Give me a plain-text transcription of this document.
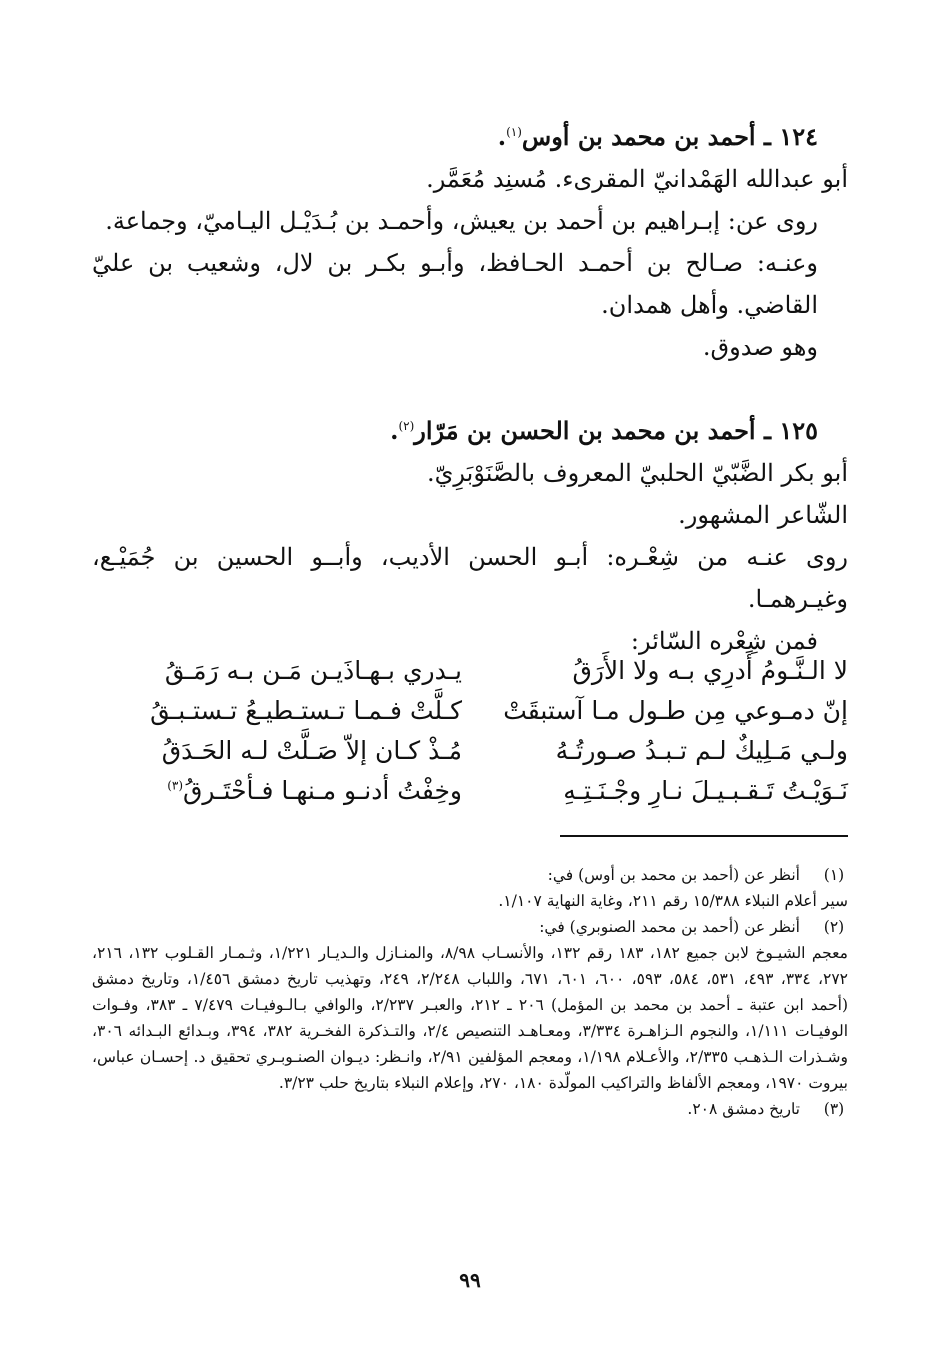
١٢٤ ـ أحمد بن محمد بن أوس$^{(١)}$.
أبو عبدالله الهَمْدانيّ المقرىء. مُسنِد مُعَمَّر.
روى عن: إبـراهيم بن أحمد بن يعيش، وأحمـد بن بُـدَيْـل اليـاميّ، وجماعة.
وعنـه: صـالح بن أحمـد الحـافظ، وأبـو بكـر بن لال، وشعيب بن عليّ القاضي. وأهل همدان.
وهو صدوق.
١٢٥ ـ أحمد بن محمد بن الحسن بن مَرّار$^{(٢)}$.
أبو بكر الضَّبّيّ الحلبيّ المعروف بالصَّنَوْبَرِيّ.
الشّاعر المشهور.
روى عنـه من شِعْـره: أبـو الحسن الأديب، وأبــو الحسين بن جُمَيْـع، وغيـرهمـا.
فمن شِعْره السّائر:
لا الـنَّـومُ أَدرِي بـه ولا الأَرَقُ
يـدري بـهـاذَيـن مَـن بـه رَمَـقُ
إنّ دمـوعي مِن طـول مـا آستبقَتْ
كـلَّتْ فـمـا تـستـطيـعُ تـستـبـقُ
ولـي مَـلِيكٌ لـم تـبـدُ صـورتُـهُ
مُـذْ كـان إلاّ صَـلَّتْ لـه الحَـدَقُ
نَـوَيْـتُ تَـقـبـيـلَ نـارِ وجْـنَـتِـهِ
وخِفْتُ أدنـو مـنهـا فـأحْتَـرقُ$^{(٣)}$
(١)
أنظر عن (أحمد بن محمد بن أوس) في:
سير أعلام النبلاء ١٥/٣٨٨ رقم ٢١١، وغاية النهاية ١/١٠٧.
(٢)
أنظر عن (أحمد بن محمد الصنوبري) في:
معجم الشيـوخ لابن جميع ١٨٢، ١٨٣ رقم ١٣٢، والأنسـاب ٨/٩٨، والمنـازل والـديـار ١/٢٢١، وثـمـار القـلوب ١٣٢، ٢١٦، ٢٧٢، ٣٣٤، ٤٩٣، ٥٣١، ٥٨٤، ٥٩٣، ٦٠٠، ٦٠١، ٦٧١، واللباب ٢/٢٤٨، ٢٤٩، وتهذيب تاريخ دمشق ١/٤٥٦، وتاريخ دمشق (أحمد ابن عتبة ـ أحمد بن محمد بن المؤمل) ٢٠٦ ـ ٢١٢، والعبـر ٢/٢٣٧، والوافي بـالـوفيـات ٧/٤٧٩ ـ ٣٨٣، وفـوات الوفيـات ١/١١١، والنجوم الـزاهـرة ٣/٣٣٤، ومعـاهـد التنصيص ٢/٤، والتـذكرة الفخـرية ٣٨٢، ٣٩٤، وبـدائع البـدائه ٣٠٦، وشـذرات الـذهـب ٢/٣٣٥، والأعـلام ١/١٩٨، ومعجم المؤلفين ٢/٩١، وانـظر: ديـوان الصنـوبـري تحقيق د. إحسـان عباس، بيروت ١٩٧٠، ومعجم الألفاظ والتراكيب المولّدة ١٨٠، ٢٧٠، وإعلام النبلاء بتاريخ حلب ٣/٢٣.
(٣)
تاريخ دمشق ٢٠٨.
٩٩
